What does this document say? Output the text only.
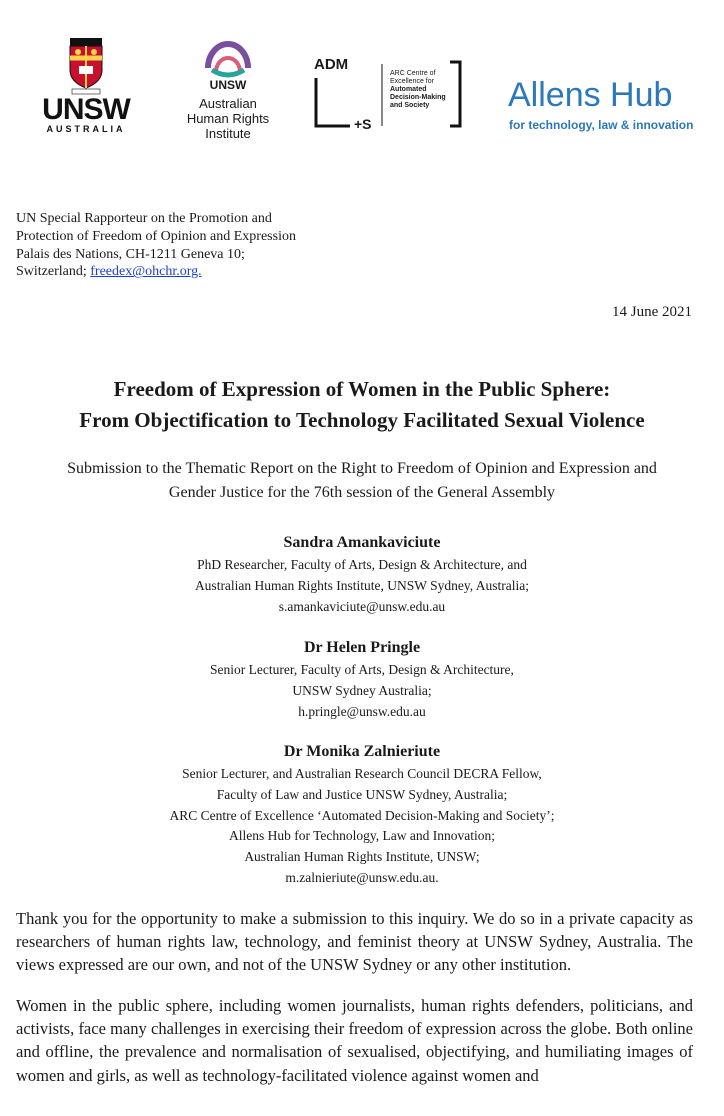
UNSW
AUSTRALIA
UNSW
Australian
Human Rights
Institute
ADM
+S
ARC Centre of
Excellence for
Automated
Decision-Making
and Society	Allens Hub
for technology, law & innovation
UN Special Rapporteur on the Promotion and
Protection of Freedom of Opinion and Expression
Palais des Nations, CH-1211 Geneva 10;
Switzerland; freedex@ohchr.org.
14 June 2021
Freedom of Expression of Women in the Public Sphere:
From Objectification to Technology Facilitated Sexual Violence
Submission to the Thematic Report on the Right to Freedom of Opinion and Expression and
Gender Justice for the 76th session of the General Assembly
Sandra Amankaviciute
PhD Researcher, Faculty of Arts, Design & Architecture, and
Australian Human Rights Institute, UNSW Sydney, Australia;
s.amankaviciute@unsw.edu.au
Dr Helen Pringle
Senior Lecturer, Faculty of Arts, Design & Architecture,
UNSW Sydney Australia;
h.pringle@unsw.edu.au
Dr Monika Zalnieriute
Senior Lecturer, and Australian Research Council DECRA Fellow,
Faculty of Law and Justice UNSW Sydney, Australia;
ARC Centre of Excellence ‘Automated Decision-Making and Society’;
Allens Hub for Technology, Law and Innovation;
Australian Human Rights Institute, UNSW;
m.zalnieriute@unsw.edu.au.
Thank you for the opportunity to make a submission to this inquiry. We do so in a private capacity as researchers of human rights law, technology, and feminist theory at UNSW Sydney, Australia. The views expressed are our own, and not of the UNSW Sydney or any other institution.
Women in the public sphere, including women journalists, human rights defenders, politicians, and activists, face many challenges in exercising their freedom of expression across the globe. Both online and offline, the prevalence and normalisation of sexualised, objectifying, and humiliating images of women and girls, as well as technology-facilitated violence against women and
